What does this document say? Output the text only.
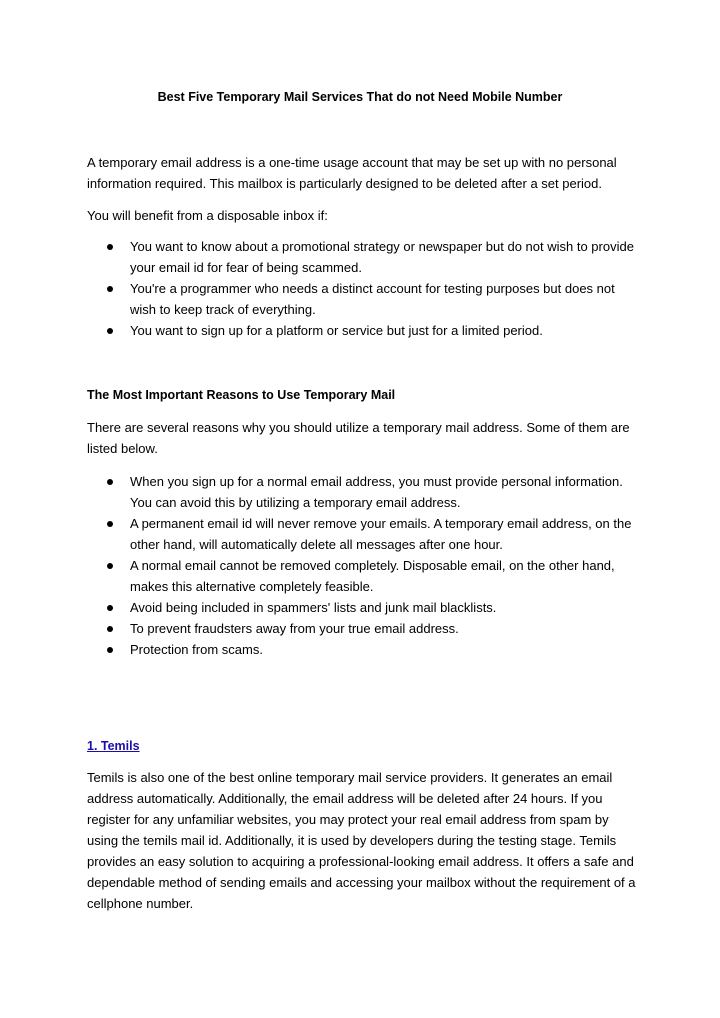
Best Five Temporary Mail Services That do not Need Mobile Number

A temporary email address is a one-time usage account that may be set up with no personal information required. This mailbox is particularly designed to be deleted after a set period.

You will benefit from a disposable inbox if:

You want to know about a promotional strategy or newspaper but do not wish to provide your email id for fear of being scammed.
You're a programmer who needs a distinct account for testing purposes but does not wish to keep track of everything.
You want to sign up for a platform or service but just for a limited period.
The Most Important Reasons to Use Temporary Mail

There are several reasons why you should utilize a temporary mail address. Some of them are listed below.

When you sign up for a normal email address, you must provide personal information. You can avoid this by utilizing a temporary email address.
A permanent email id will never remove your emails. A temporary email address, on the other hand, will automatically delete all messages after one hour.
A normal email cannot be removed completely. Disposable email, on the other hand, makes this alternative completely feasible.
Avoid being included in spammers' lists and junk mail blacklists.
To prevent fraudsters away from your true email address.
Protection from scams.
1. Temils

Temils is also one of the best online temporary mail service providers. It generates an email address automatically. Additionally, the email address will be deleted after 24 hours. If you register for any unfamiliar websites, you may protect your real email address from spam by using the temils mail id. Additionally, it is used by developers during the testing stage. Temils provides an easy solution to acquiring a professional-looking email address. It offers a safe and dependable method of sending emails and accessing your mailbox without the requirement of a cellphone number.
